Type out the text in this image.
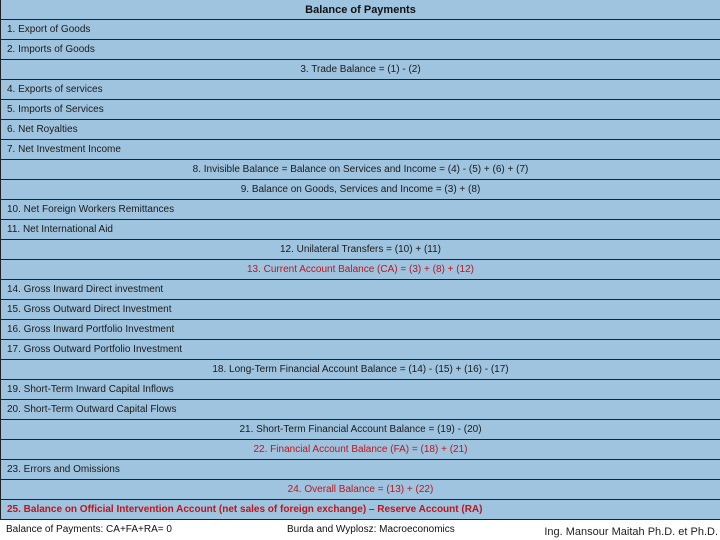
Balance of Payments
1. Export of Goods
2. Imports of Goods
3. Trade Balance = (1) - (2)
4. Exports of services
5. Imports of Services
6. Net Royalties
7. Net Investment Income
8. Invisible Balance = Balance on Services and Income = (4) - (5) + (6) + (7)
9. Balance on Goods, Services and Income = (3) + (8)
10. Net Foreign Workers Remittances
11. Net International Aid
12. Unilateral Transfers = (10) + (11)
13. Current Account Balance (CA) = (3) + (8) + (12)
14. Gross Inward Direct investment
15. Gross Outward Direct Investment
16. Gross Inward Portfolio Investment
17. Gross Outward Portfolio Investment
18. Long-Term Financial Account Balance = (14) - (15) + (16) - (17)
19. Short-Term Inward Capital Inflows
20. Short-Term Outward Capital Flows
21. Short-Term Financial Account Balance = (19) - (20)
22. Financial Account Balance (FA) = (18) + (21)
23. Errors and Omissions
24. Overall Balance = (13) + (22)
25. Balance on Official Intervention Account (net sales of foreign exchange) – Reserve Account (RA)
Balance of Payments: CA+FA+RA= 0	Burda and Wyplosz: Macroeconomics	Ing. Mansour Maitah Ph.D. et Ph.D.
